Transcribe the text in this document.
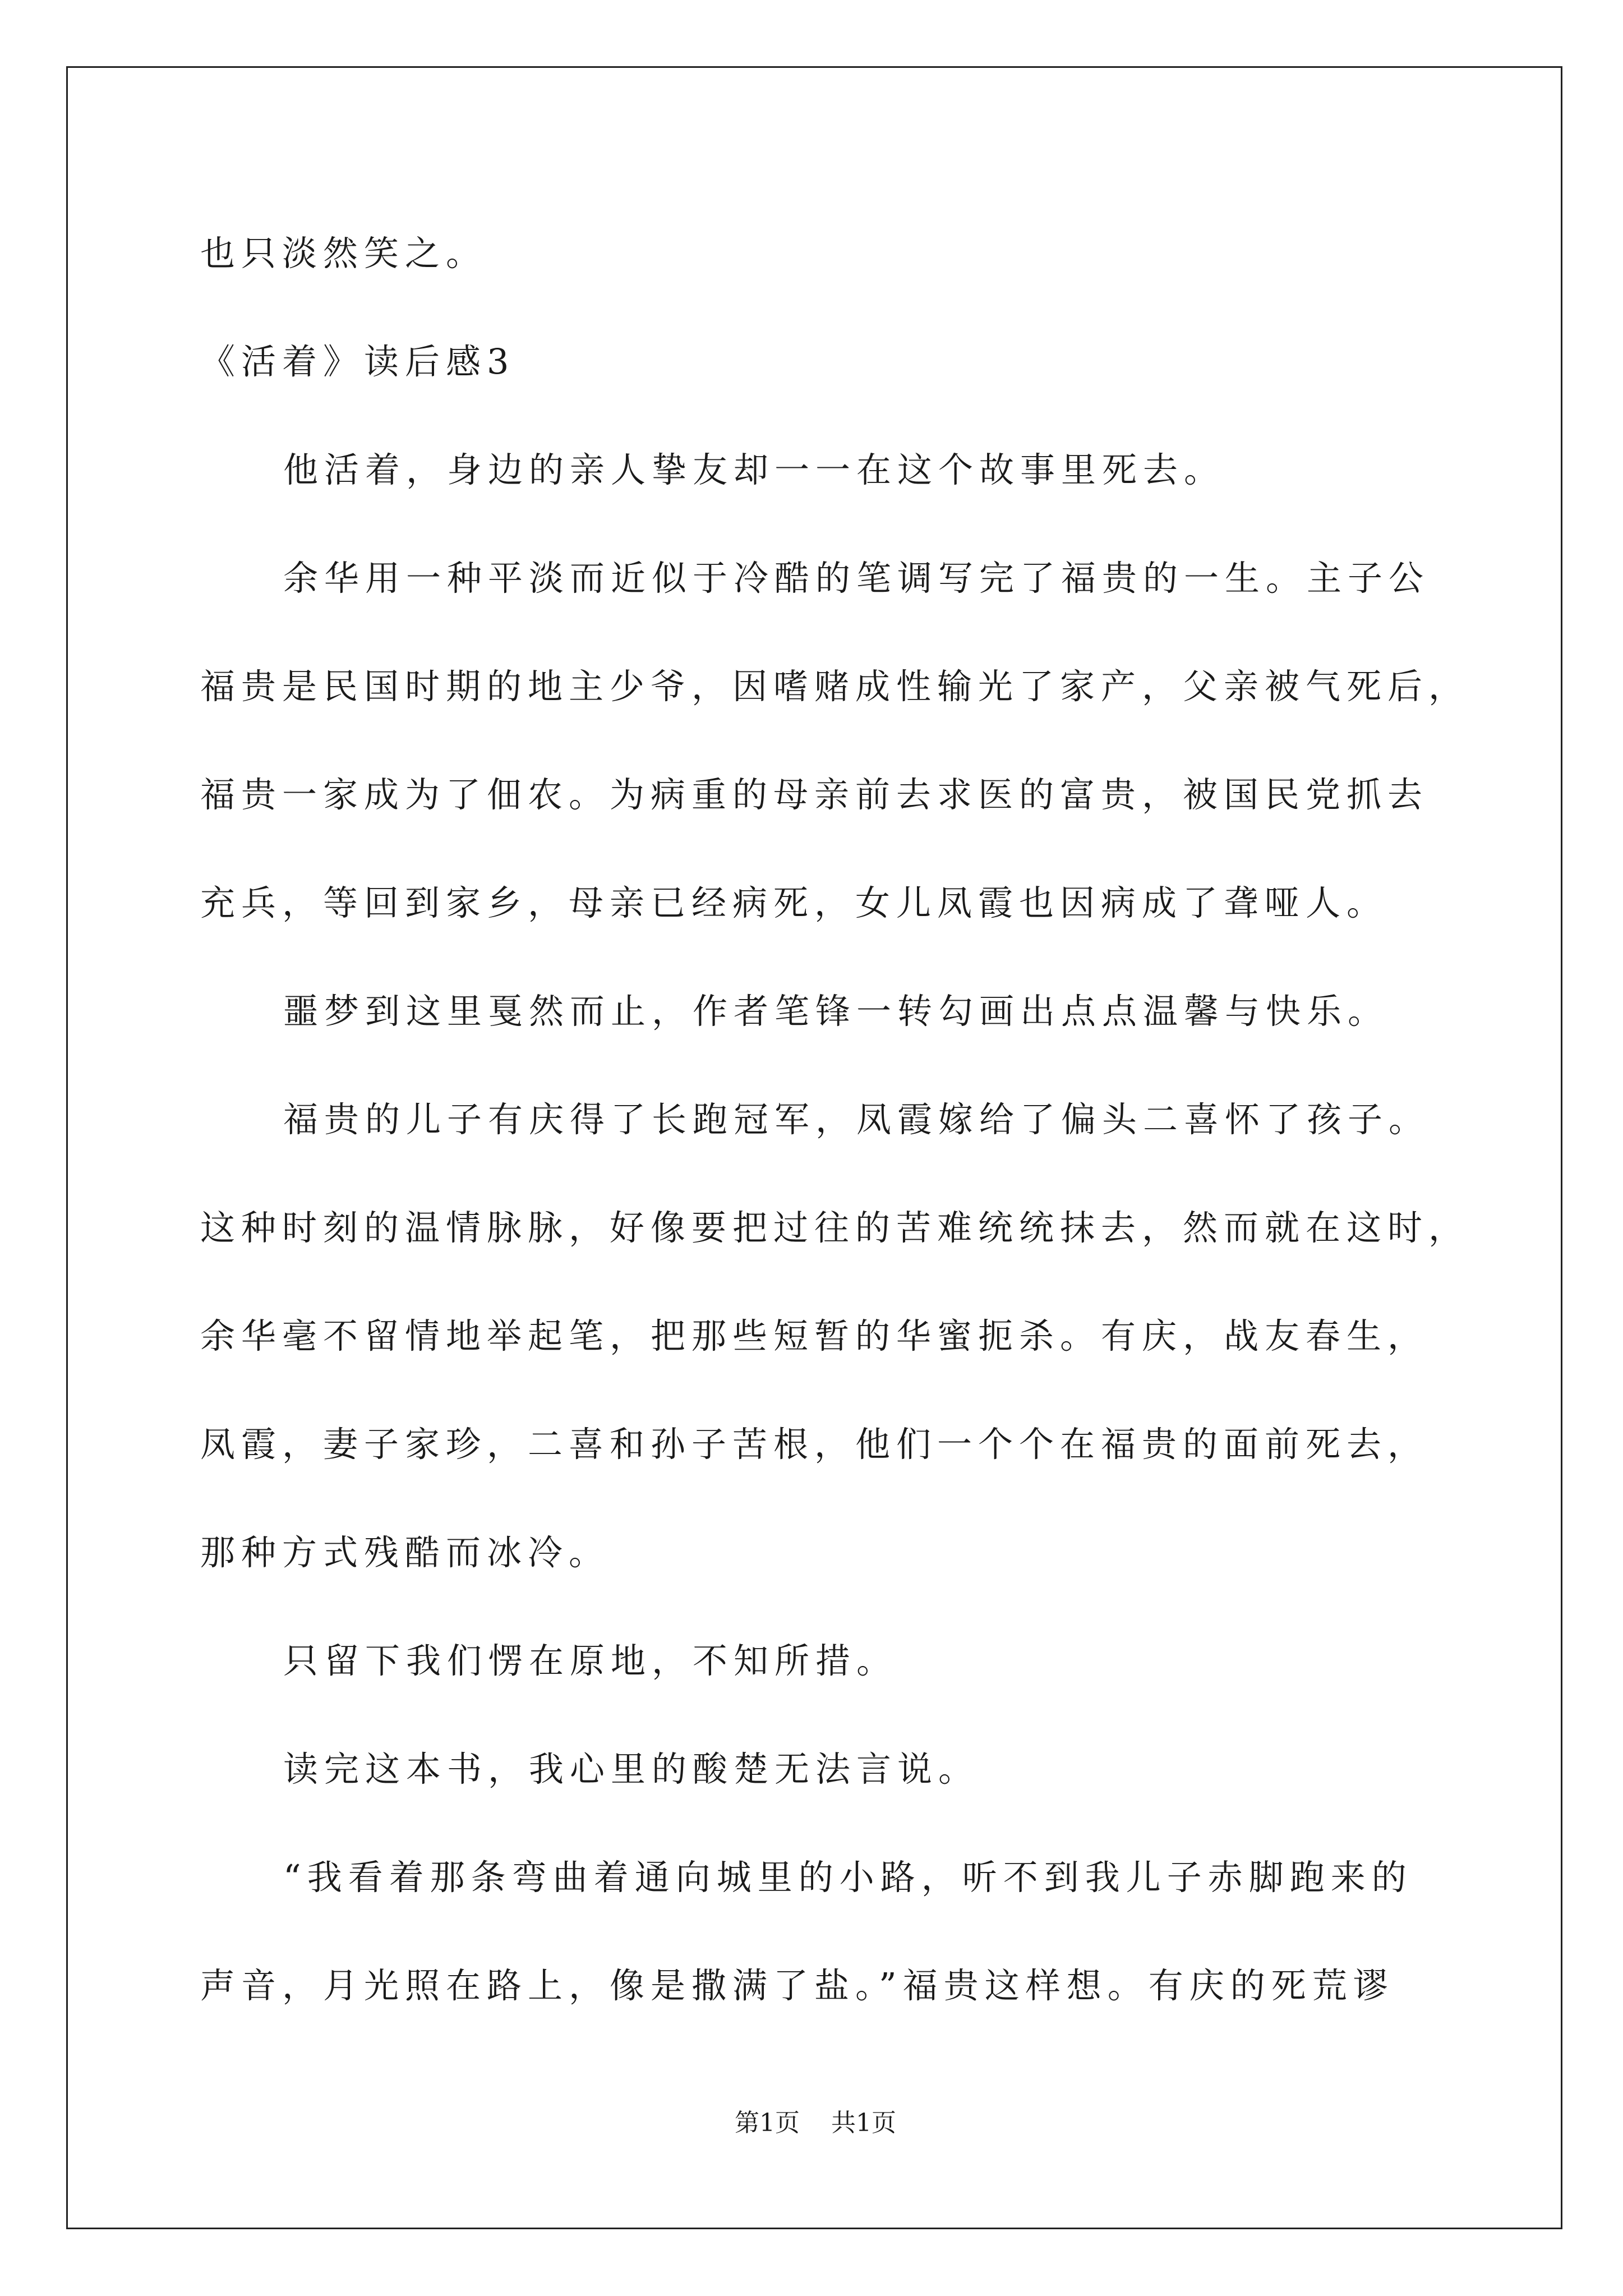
也只淡然笑之。

《活着》读后感3

他活着，身边的亲人挚友却一一在这个故事里死去。

余华用一种平淡而近似于冷酷的笔调写完了福贵的一生。主子公

福贵是民国时期的地主少爷，因嗜赌成性输光了家产，父亲被气死后，

福贵一家成为了佃农。为病重的母亲前去求医的富贵，被国民党抓去

充兵，等回到家乡，母亲已经病死，女儿凤霞也因病成了聋哑人。

噩梦到这里戛然而止，作者笔锋一转勾画出点点温馨与快乐。

福贵的儿子有庆得了长跑冠军，凤霞嫁给了偏头二喜怀了孩子。

这种时刻的温情脉脉，好像要把过往的苦难统统抹去，然而就在这时，

余华毫不留情地举起笔，把那些短暂的华蜜扼杀。有庆，战友春生，

凤霞，妻子家珍，二喜和孙子苦根，他们一个个在福贵的面前死去，

那种方式残酷而冰冷。

只留下我们愣在原地，不知所措。

读完这本书，我心里的酸楚无法言说。

“我看着那条弯曲着通向城里的小路，听不到我儿子赤脚跑来的

声音，月光照在路上，像是撒满了盐。”福贵这样想。有庆的死荒谬

第1页 共1页
